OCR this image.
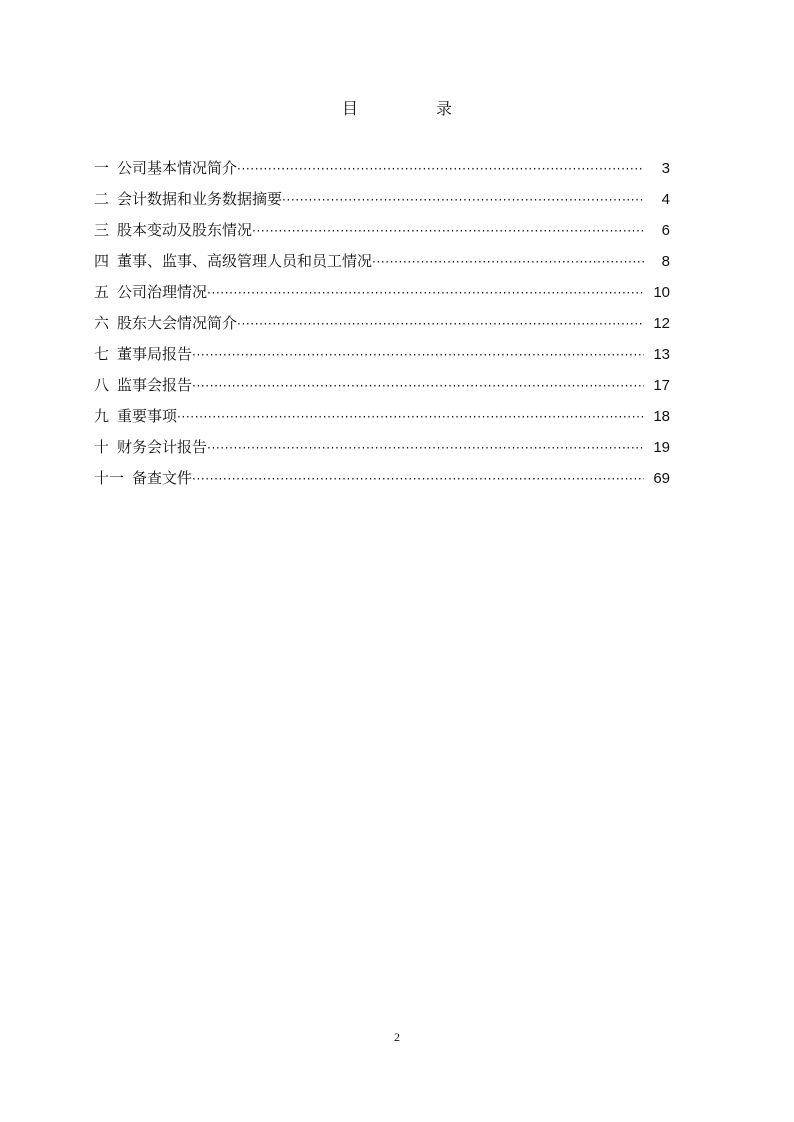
目	录
一 公司基本情况简介 ·····	3
二 会计数据和业务数据摘要 ·····	4
三 股本变动及股东情况 ·····	6
四 董事、监事、高级管理人员和员工情况 ·····	8
五 公司治理情况 ·····	10
六 股东大会情况简介 ·····	12
七 董事局报告 ·····	13
八 监事会报告 ·····	17
九 重要事项 ·····	18
十 财务会计报告 ·····	19
十一 备查文件 ·····	69
2
